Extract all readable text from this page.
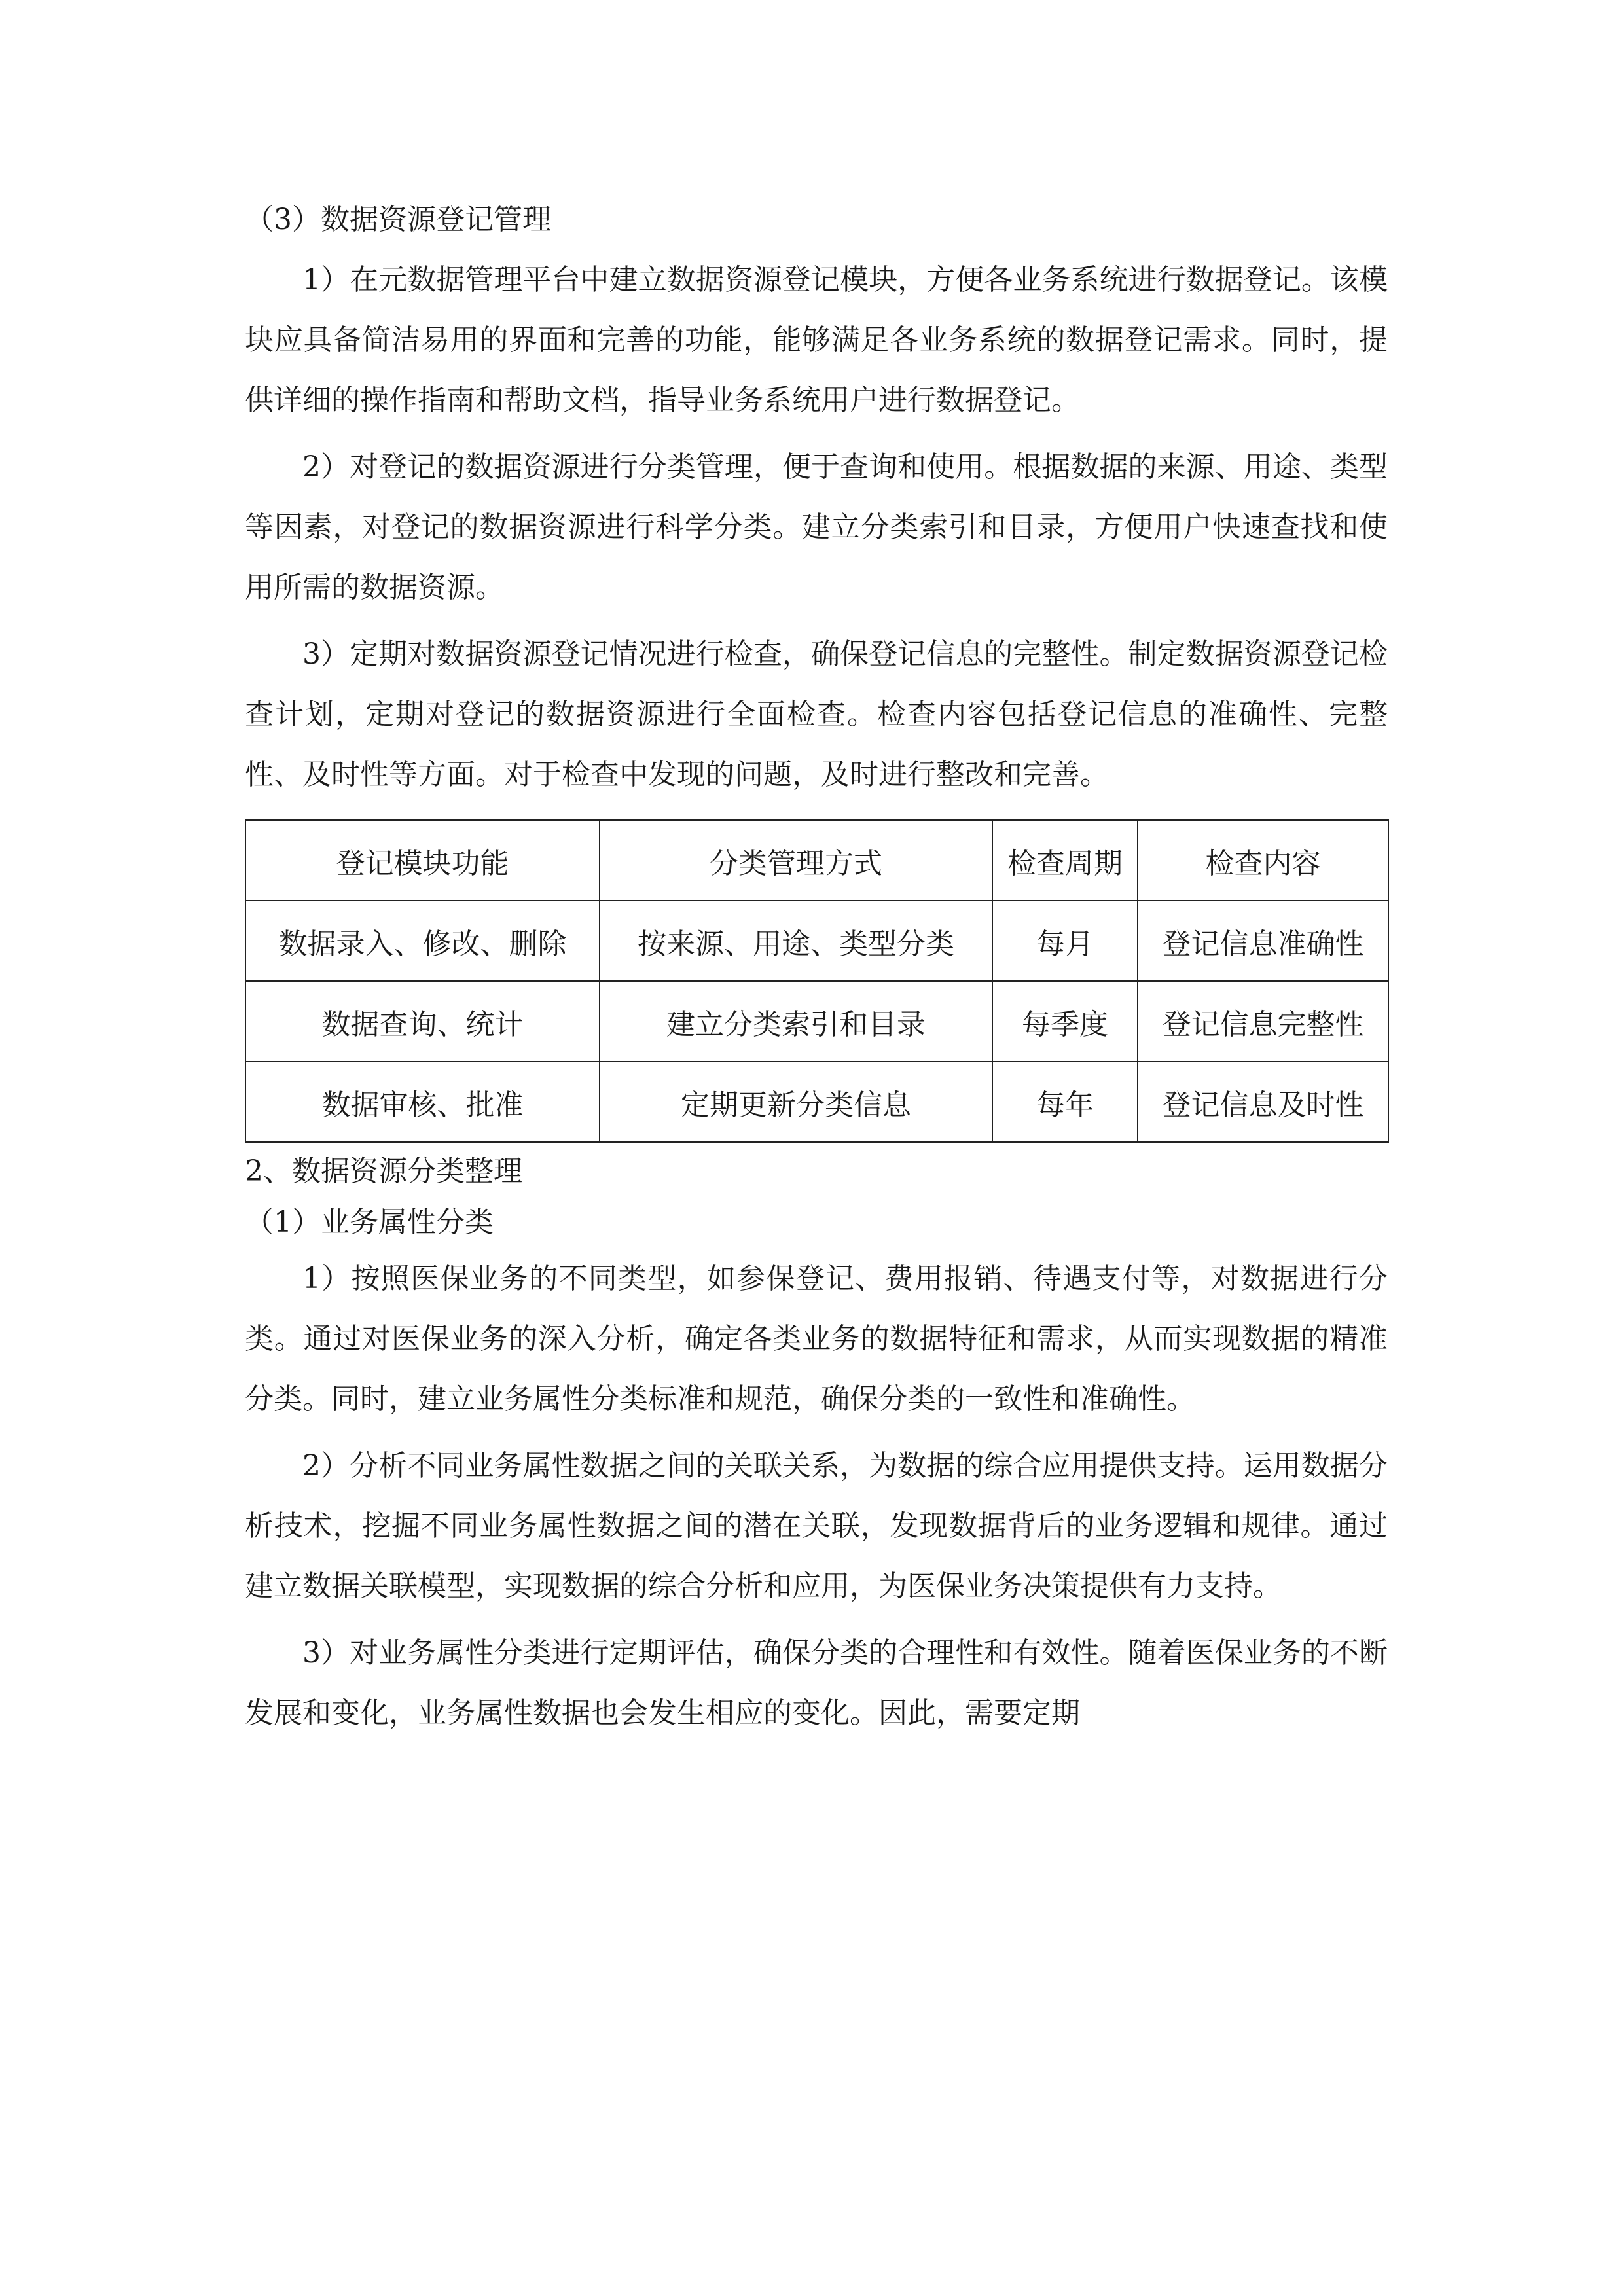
（3）数据资源登记管理

1）在元数据管理平台中建立数据资源登记模块，方便各业务系统进行数据登记。该模块应具备简洁易用的界面和完善的功能，能够满足各业务系统的数据登记需求。同时，提供详细的操作指南和帮助文档，指导业务系统用户进行数据登记。

2）对登记的数据资源进行分类管理，便于查询和使用。根据数据的来源、用途、类型等因素，对登记的数据资源进行科学分类。建立分类索引和目录，方便用户快速查找和使用所需的数据资源。

3）定期对数据资源登记情况进行检查，确保登记信息的完整性。制定数据资源登记检查计划，定期对登记的数据资源进行全面检查。检查内容包括登记信息的准确性、完整性、及时性等方面。对于检查中发现的问题，及时进行整改和完善。

登记模块功能	分类管理方式	检查周期	检查内容
数据录入、修改、删除	按来源、用途、类型分类	每月	登记信息准确性
数据查询、统计	建立分类索引和目录	每季度	登记信息完整性
数据审核、批准	定期更新分类信息	每年	登记信息及时性

2、数据资源分类整理

（1）业务属性分类

1）按照医保业务的不同类型，如参保登记、费用报销、待遇支付等，对数据进行分类。通过对医保业务的深入分析，确定各类业务的数据特征和需求，从而实现数据的精准分类。同时，建立业务属性分类标准和规范，确保分类的一致性和准确性。

2）分析不同业务属性数据之间的关联关系，为数据的综合应用提供支持。运用数据分析技术，挖掘不同业务属性数据之间的潜在关联，发现数据背后的业务逻辑和规律。通过建立数据关联模型，实现数据的综合分析和应用，为医保业务决策提供有力支持。

3）对业务属性分类进行定期评估，确保分类的合理性和有效性。随着医保业务的不断发展和变化，业务属性数据也会发生相应的变化。因此，需要定期
